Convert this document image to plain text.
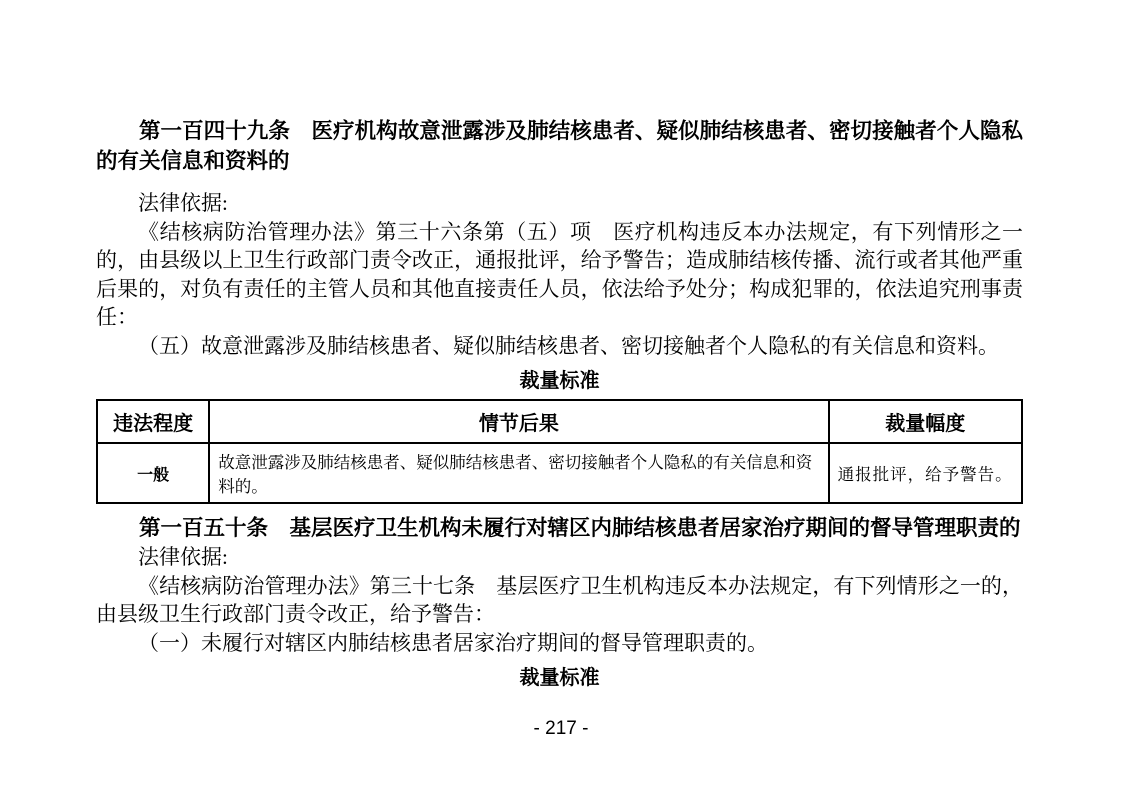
第一百四十九条　医疗机构故意泄露涉及肺结核患者、疑似肺结核患者、密切接触者个人隐私的有关信息和资料的

法律依据:

《结核病防治管理办法》第三十六条第（五）项　医疗机构违反本办法规定，有下列情形之一的，由县级以上卫生行政部门责令改正，通报批评，给予警告；造成肺结核传播、流行或者其他严重后果的，对负有责任的主管人员和其他直接责任人员，依法给予处分；构成犯罪的，依法追究刑事责任：

（五）故意泄露涉及肺结核患者、疑似肺结核患者、密切接触者个人隐私的有关信息和资料。

裁量标准

违法程度	情节后果	裁量幅度
一般	故意泄露涉及肺结核患者、疑似肺结核患者、密切接触者个人隐私的有关信息和资料的。	通报批评，给予警告。

第一百五十条　基层医疗卫生机构未履行对辖区内肺结核患者居家治疗期间的督导管理职责的

法律依据:

《结核病防治管理办法》第三十七条　基层医疗卫生机构违反本办法规定，有下列情形之一的，由县级卫生行政部门责令改正，给予警告：

（一）未履行对辖区内肺结核患者居家治疗期间的督导管理职责的。

裁量标准

- 217 -
